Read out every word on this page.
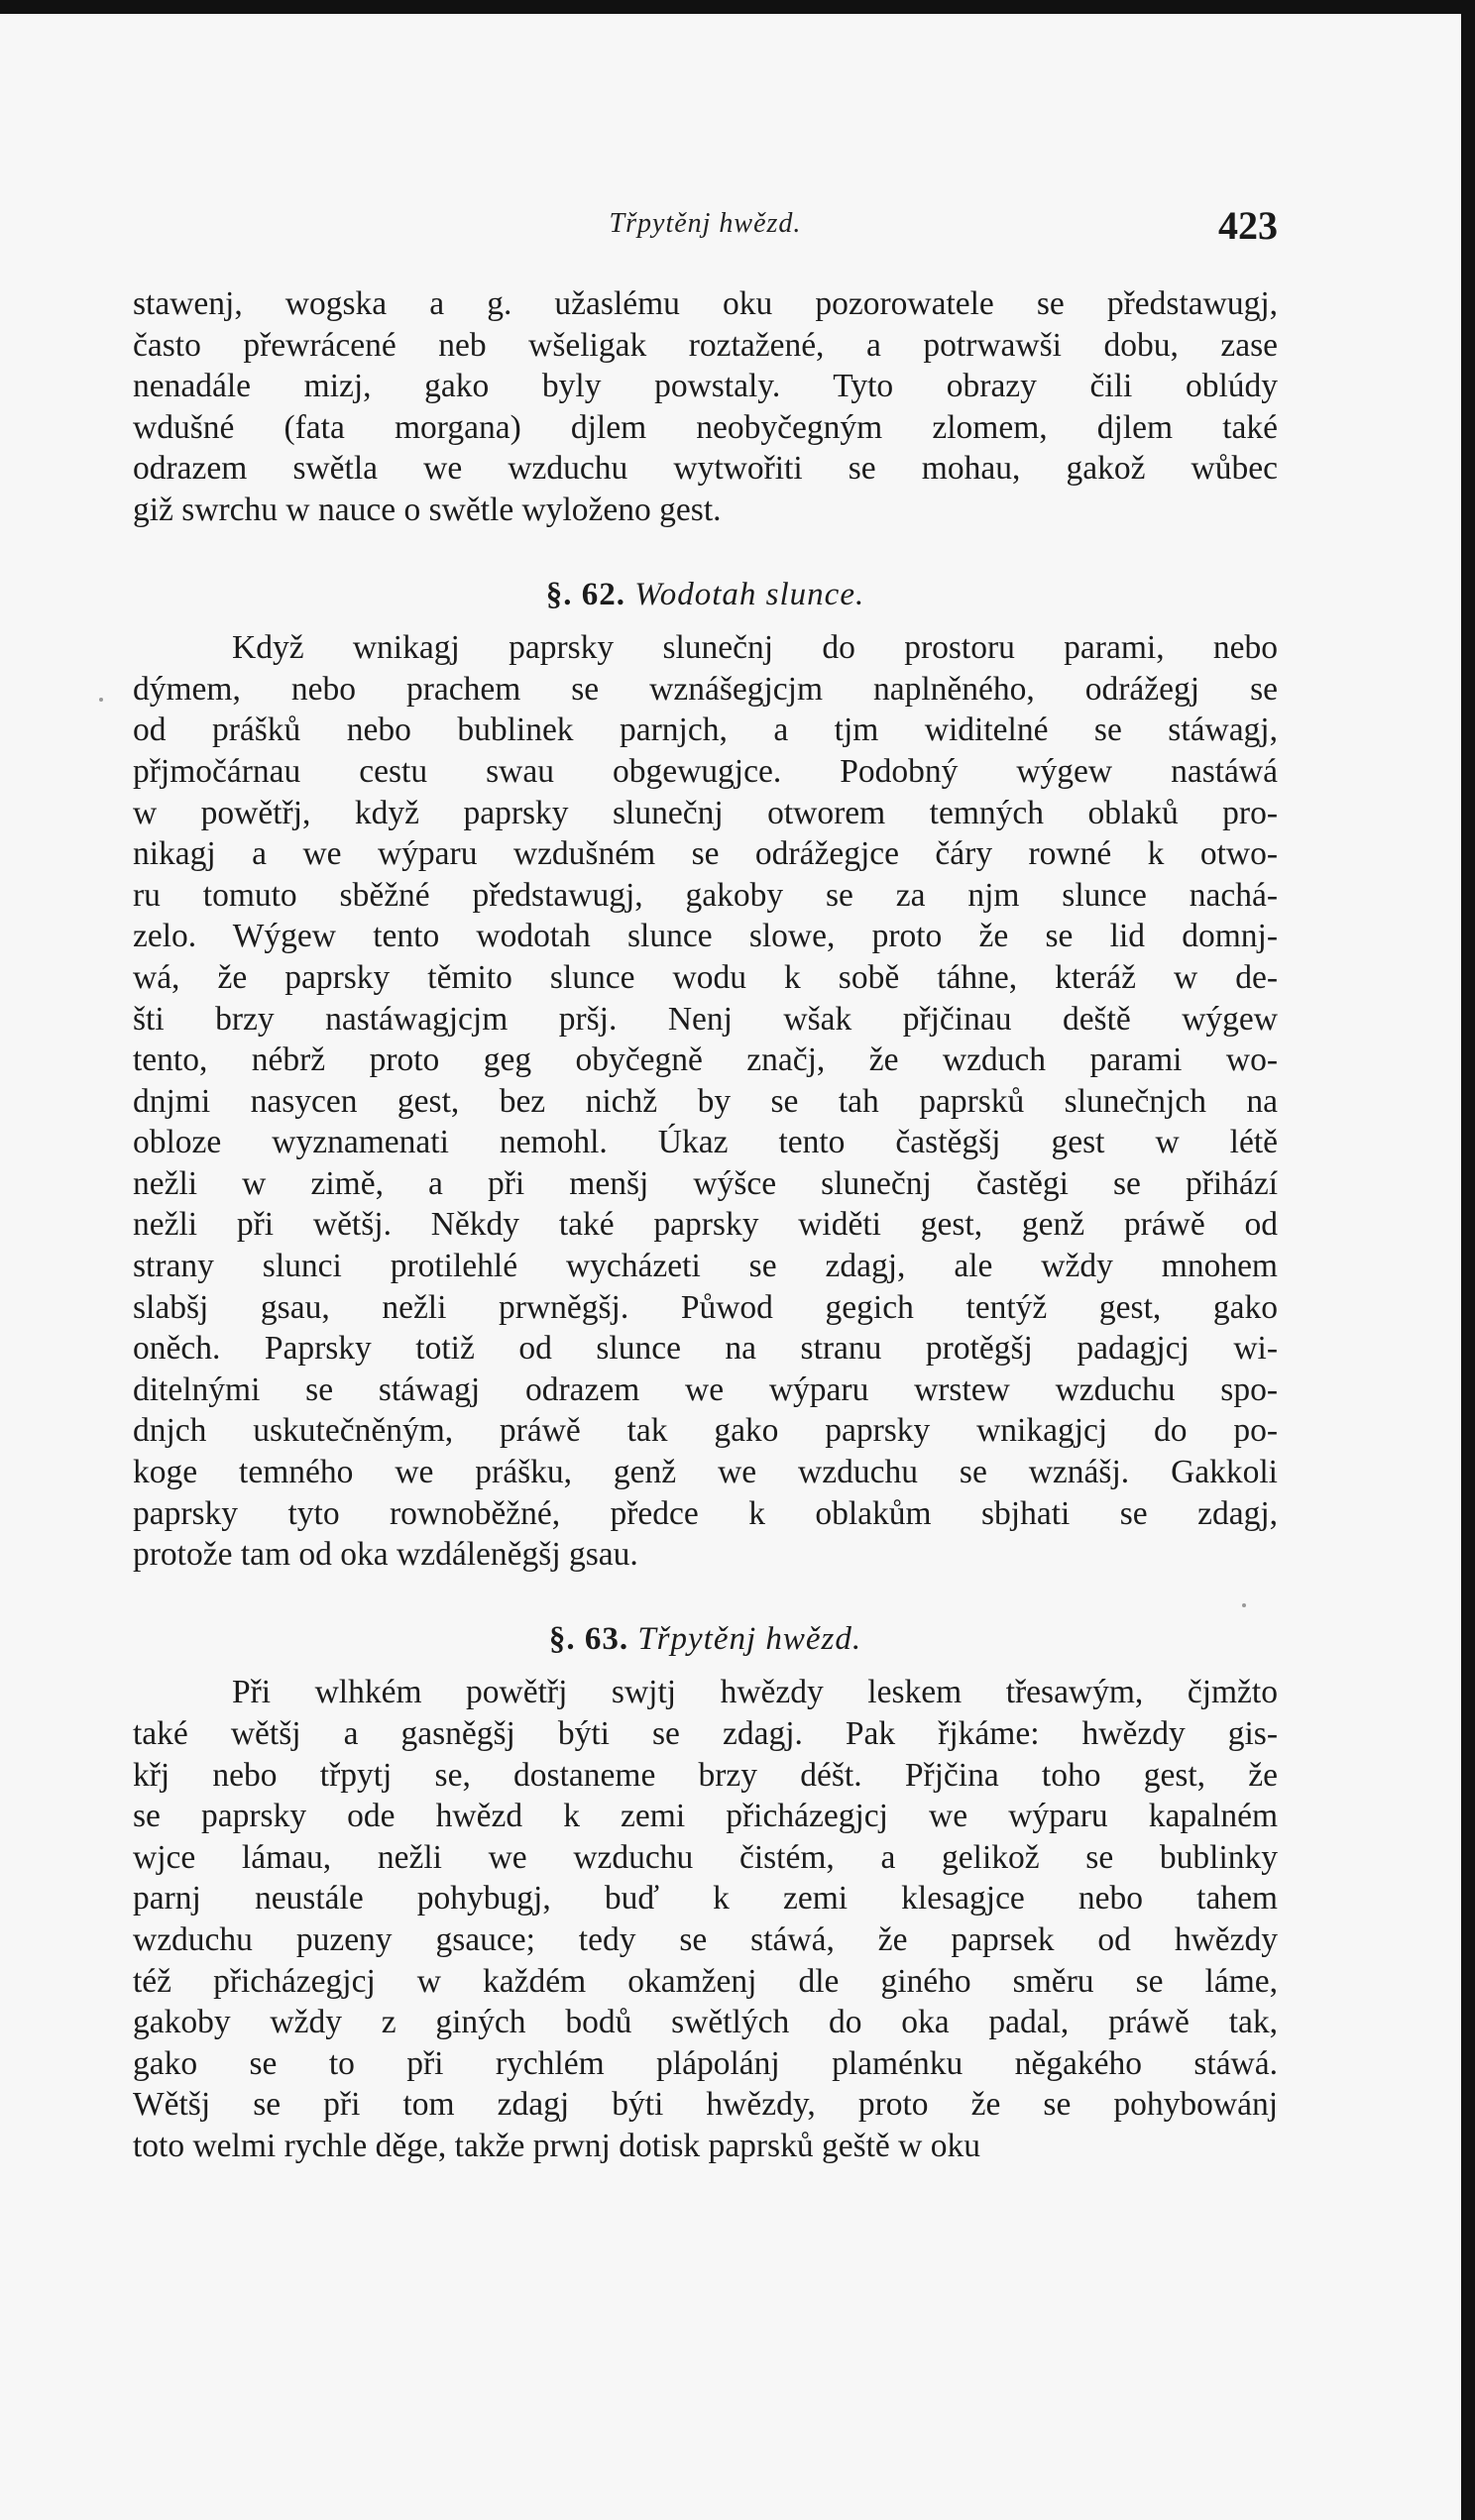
Třpytěnj hwězd.	423

stawenj, wogska a g. užaslému oku pozorowatele se předstawugj,
často přewrácené neb wšeligak roztažené, a potrwawši dobu, zase
nenadále mizj, gako byly powstaly. Tyto obrazy čili oblúdy
wdušné (fata morgana) djlem neobyčegným zlomem, djlem také
odrazem swětla we wzduchu wytwořiti se mohau, gakož wůbec
giž swrchu w nauce o swětle wyloženo gest.

§. 62. Wodotah slunce.

Když wnikagj paprsky slunečnj do prostoru parami, nebo
dýmem, nebo prachem se wznášegjcjm naplněného, odrážegj se
od prášků nebo bublinek parnjch, a tjm widitelné se stáwagj,
přjmočárnau cestu swau obgewugjce. Podobný wýgew nastáwá
w powětřj, když paprsky slunečnj otworem temných oblaků pro-
nikagj a we wýparu wzdušném se odrážegjce čáry rowné k otwo-
ru tomuto sběžné předstawugj, gakoby se za njm slunce nachá-
zelo. Wýgew tento wodotah slunce slowe, proto že se lid domnj-
wá, že paprsky těmito slunce wodu k sobě táhne, kteráž w de-
šti brzy nastáwagjcjm pršj. Nenj wšak přjčinau deště wýgew
tento, nébrž proto geg obyčegně značj, že wzduch parami wo-
dnjmi nasycen gest, bez nichž by se tah paprsků slunečnjch na
obloze wyznamenati nemohl. Úkaz tento častěgšj gest w létě
nežli w zimě, a při menšj wýšce slunečnj častěgi se přihází
nežli při wětšj. Někdy také paprsky widěti gest, genž práwě od
strany slunci protilehlé wycházeti se zdagj, ale wždy mnohem
slabšj gsau, nežli prwněgšj. Půwod gegich tentýž gest, gako
oněch. Paprsky totiž od slunce na stranu protěgšj padagjcj wi-
ditelnými se stáwagj odrazem we wýparu wrstew wzduchu spo-
dnjch uskutečněným, práwě tak gako paprsky wnikagjcj do po-
koge temného we prášku, genž we wzduchu se wznášj. Gakkoli
paprsky tyto rownoběžné, předce k oblakům sbjhati se zdagj,
protože tam od oka wzdáleněgšj gsau.

§. 63. Třpytěnj hwězd.

Při wlhkém powětřj swjtj hwězdy leskem třesawým, čjmžto
také wětšj a gasněgšj býti se zdagj. Pak řjkáme: hwězdy gis-
křj nebo třpytj se, dostaneme brzy déšt. Přjčina toho gest, že
se paprsky ode hwězd k zemi přicházegjcj we wýparu kapalném
wjce lámau, nežli we wzduchu čistém, a gelikož se bublinky
parnj neustále pohybugj, buď k zemi klesagjce nebo tahem
wzduchu puzeny gsauce; tedy se stáwá, že paprsek od hwězdy
též přicházegjcj w každém okamženj dle giného směru se láme,
gakoby wždy z giných bodů swětlých do oka padal, práwě tak,
gako se to při rychlém plápolánj plaménku něgakého stáwá.
Wětšj se při tom zdagj býti hwězdy, proto že se pohybowánj
toto welmi rychle děge, takže prwnj dotisk paprsků geště w oku
